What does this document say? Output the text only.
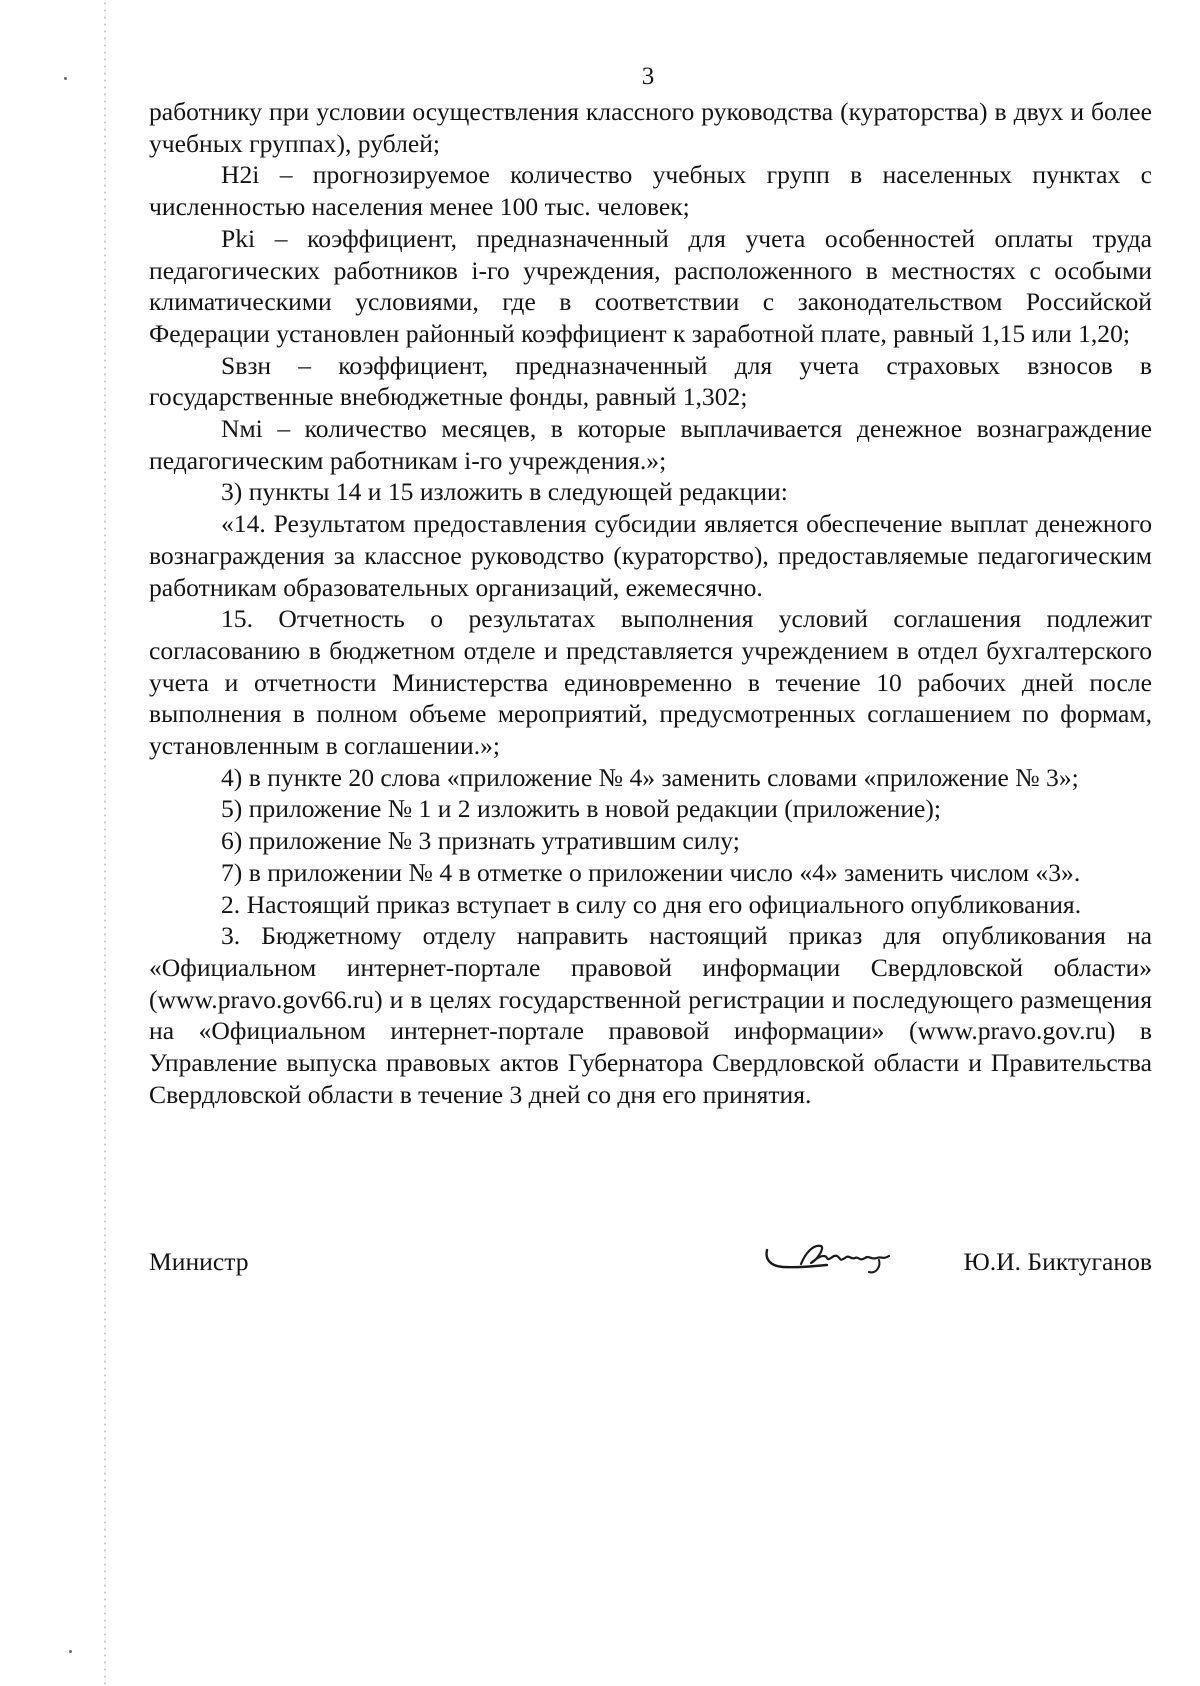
3

работнику при условии осуществления классного руководства (кураторства) в двух и более учебных группах), рублей;

Н2i – прогнозируемое количество учебных групп в населенных пунктах с численностью населения менее 100 тыс. человек;

Рki – коэффициент, предназначенный для учета особенностей оплаты труда педагогических работников i-го учреждения, расположенного в местностях с особыми климатическими условиями, где в соответствии с законодательством Российской Федерации установлен районный коэффициент к заработной плате, равный 1,15 или 1,20;

Sвзн – коэффициент, предназначенный для учета страховых взносов в государственные внебюджетные фонды, равный 1,302;

Nмi – количество месяцев, в которые выплачивается денежное вознаграждение педагогическим работникам i-го учреждения.»;

3) пункты 14 и 15 изложить в следующей редакции:

«14. Результатом предоставления субсидии является обеспечение выплат денежного вознаграждения за классное руководство (кураторство), предоставляемые педагогическим работникам образовательных организаций, ежемесячно.

15. Отчетность о результатах выполнения условий соглашения подлежит согласованию в бюджетном отделе и представляется учреждением в отдел бухгалтерского учета и отчетности Министерства единовременно в течение 10 рабочих дней после выполнения в полном объеме мероприятий, предусмотренных соглашением по формам, установленным в соглашении.»;

4) в пункте 20 слова «приложение № 4» заменить словами «приложение № 3»;

5) приложение № 1 и 2 изложить в новой редакции (приложение);

6) приложение № 3 признать утратившим силу;

7) в приложении № 4 в отметке о приложении число «4» заменить числом «3».

2. Настоящий приказ вступает в силу со дня его официального опубликования.

3. Бюджетному отделу направить настоящий приказ для опубликования на «Официальном интернет-портале правовой информации Свердловской области» (www.pravo.gov66.ru) и в целях государственной регистрации и последующего размещения на «Официальном интернет-портале правовой информации» (www.pravo.gov.ru) в Управление выпуска правовых актов Губернатора Свердловской области и Правительства Свердловской области в течение 3 дней со дня его принятия.

Министр	Ю.И. Биктуганов
